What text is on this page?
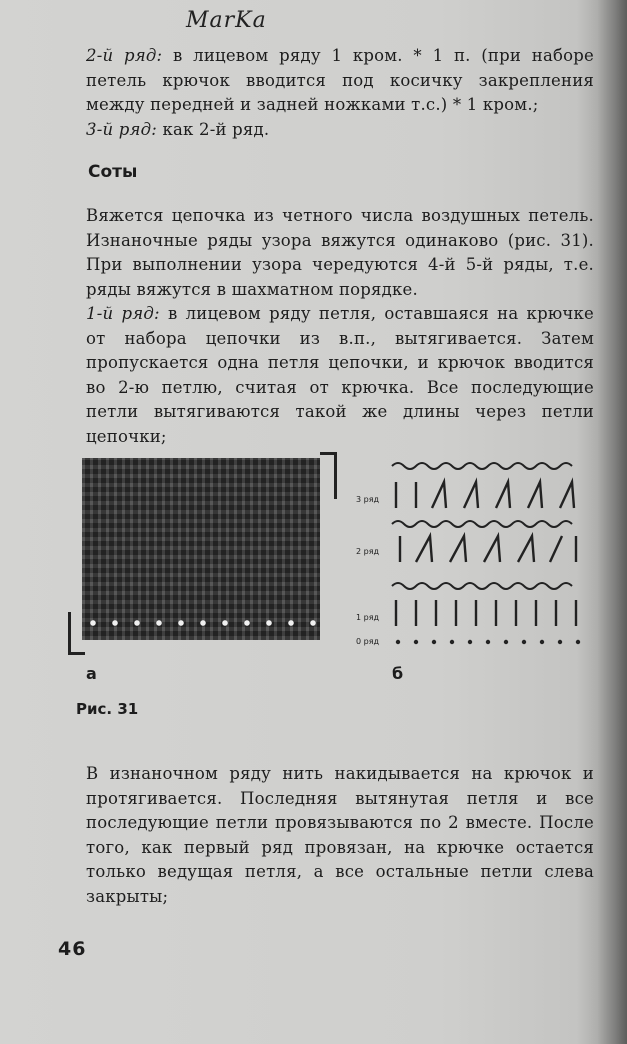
MarKa

2-й ряд: в лицевом ряду 1 кром. * 1 п. (при наборе петель крючок вводится под косичку закрепления между передней и задней ножками т.с.) * 1 кром.;

3-й ряд: как 2-й ряд.

Соты

Вяжется цепочка из четного числа воздушных петель. Изнаночные ряды узора вяжутся одинаково (рис. 31). При выполнении узора чередуются 4-й 5-й ряды, т.е. ряды вяжутся в шахматном порядке.

1-й ряд: в лицевом ряду петля, оставшаяся на крючке от набора цепочки из в.п., вытягивается. Затем пропускается одна петля цепочки, и крючок вводится во 2-ю петлю, считая от крючка. Все последующие петли вытягиваются такой же длины через петли цепочки;

а
3 ряд
2 ряд
1 ряд
0 ряд
б
Рис. 31

В изнаночном ряду нить накидывается на крючок и протягивается. Последняя вытянутая петля и все последующие петли провязываются по 2 вместе. После того, как первый ряд провязан, на крючке остается только ведущая петля, а все остальные петли слева закрыты;

46
